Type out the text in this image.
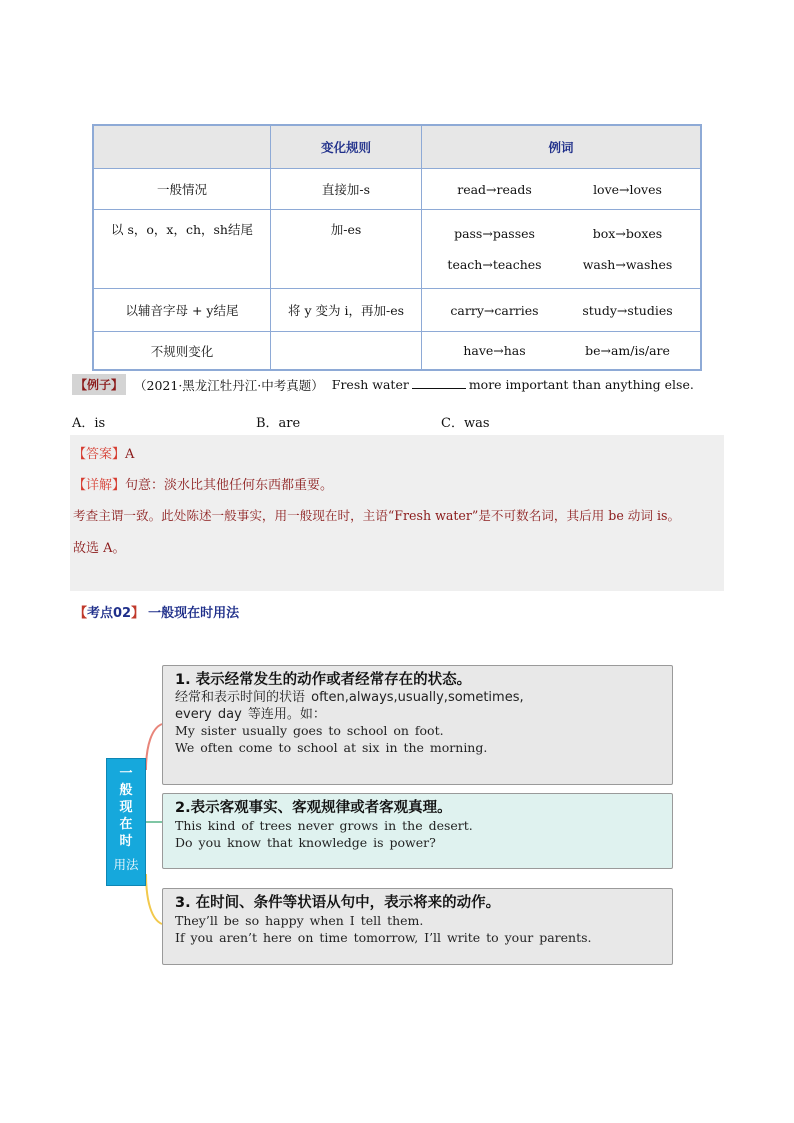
	变化规则	例词
一般情况	直接加-s	read→reads love→loves

以 s，o，x，ch，sh结尾	加-es	pass→passes box→boxes
teach→teaches wash→washes

以辅音字母 + y结尾	将 y 变为 i，再加-es	carry→carries study→studies

不规则变化		have→has be→am/is/are
【例子】 （2021·黑龙江牡丹江·中考真题） Fresh water	more important than anything else.
A．is	B．are	C．was
【答案】A
【详解】句意：淡水比其他任何东西都重要。
考查主谓一致。此处陈述一般事实，用一般现在时，主语“Fresh water”是不可数名词，其后用 be 动词 is。
故选 A。
【考点02】 一般现在时用法
一
般
现
在
时
用法
1. 表示经常发生的动作或者经常存在的状态。
经常和表示时间的状语 often,always,usually,sometimes,
every day 等连用。如：
My sister usually goes to school on foot.
We often come to school at six in the morning.
2.表示客观事实、客观规律或者客观真理。
This kind of trees never grows in the desert.
Do you know that knowledge is power?
3. 在时间、条件等状语从句中，表示将来的动作。
They’ll be so happy when I tell them.
If you aren’t here on time tomorrow, I’ll write to your parents.
